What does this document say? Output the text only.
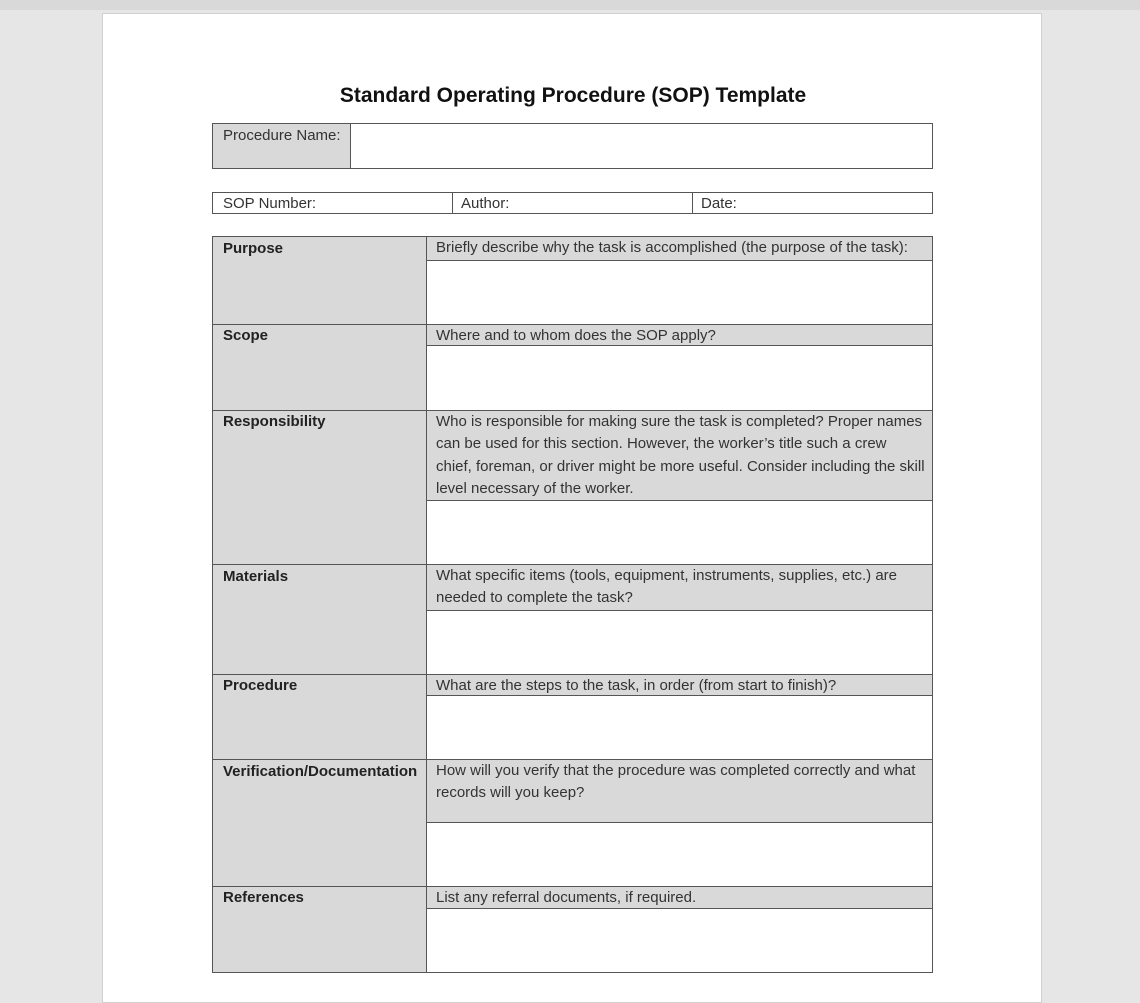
Standard Operating Procedure (SOP) Template
Procedure Name:
SOP Number:	Author:	Date:
Purpose	Briefly describe why the task is accomplished (the purpose of the task):
Scope	Where and to whom does the SOP apply?
Responsibility	Who is responsible for making sure the task is completed? Proper names can be used for this section. However, the worker’s title such a crew chief, foreman, or driver might be more useful. Consider including the skill level necessary of the worker.
Materials	What specific items (tools, equipment, instruments, supplies, etc.) are needed to complete the task?
Procedure	What are the steps to the task, in order (from start to finish)?
Verification/Documentation	How will you verify that the procedure was completed correctly and what records will you keep?
References	List any referral documents, if required.
